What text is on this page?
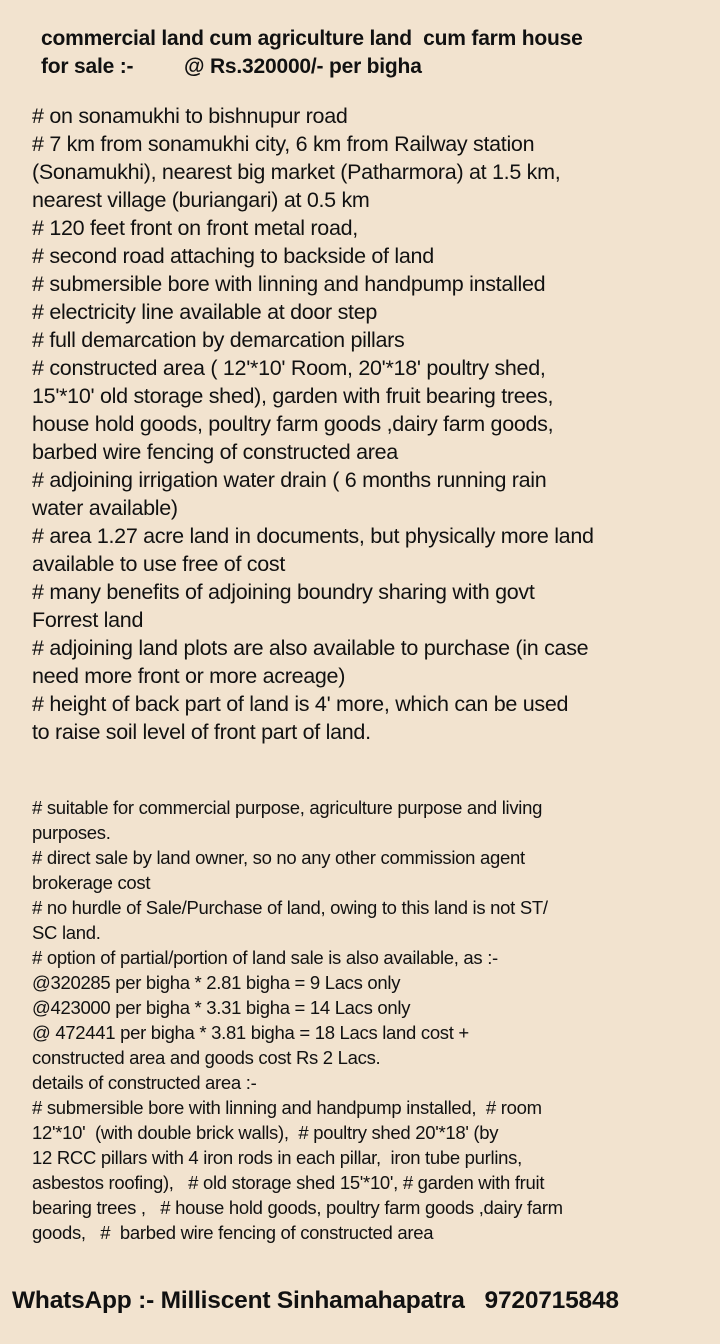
commercial land cum agriculture land  cum farm house
for sale :-         @ Rs.320000/- per bigha
# on sonamukhi to bishnupur road
# 7 km from sonamukhi city, 6 km from Railway station
(Sonamukhi), nearest big market (Patharmora) at 1.5 km,
nearest village (buriangari) at 0.5 km
# 120 feet front on front metal road,
# second road attaching to backside of land
# submersible bore with linning and handpump installed
# electricity line available at door step
# full demarcation by demarcation pillars
# constructed area ( 12'*10' Room, 20'*18' poultry shed,
15'*10' old storage shed), garden with fruit bearing trees,
house hold goods, poultry farm goods ,dairy farm goods,
barbed wire fencing of constructed area
# adjoining irrigation water drain ( 6 months running rain
water available)
# area 1.27 acre land in documents, but physically more land
available to use free of cost
# many benefits of adjoining boundry sharing with govt
Forrest land
# adjoining land plots are also available to purchase (in case
need more front or more acreage)
# height of back part of land is 4' more, which can be used
to raise soil level of front part of land.
# suitable for commercial purpose, agriculture purpose and living
purposes.
# direct sale by land owner, so no any other commission agent
brokerage cost
# no hurdle of Sale/Purchase of land, owing to this land is not ST/
SC land.
# option of partial/portion of land sale is also available, as :-
@320285 per bigha * 2.81 bigha = 9 Lacs only
@423000 per bigha * 3.31 bigha = 14 Lacs only
@ 472441 per bigha * 3.81 bigha = 18 Lacs land cost +
constructed area and goods cost Rs 2 Lacs.
details of constructed area :-
# submersible bore with linning and handpump installed,  # room
12'*10'  (with double brick walls),  # poultry shed 20'*18' (by
12 RCC pillars with 4 iron rods in each pillar,  iron tube purlins,
asbestos roofing),   # old storage shed 15'*10', # garden with fruit
bearing trees ,   # house hold goods, poultry farm goods ,dairy farm
goods,   #  barbed wire fencing of constructed area
WhatsApp :- Milliscent Sinhamahapatra   9720715848
